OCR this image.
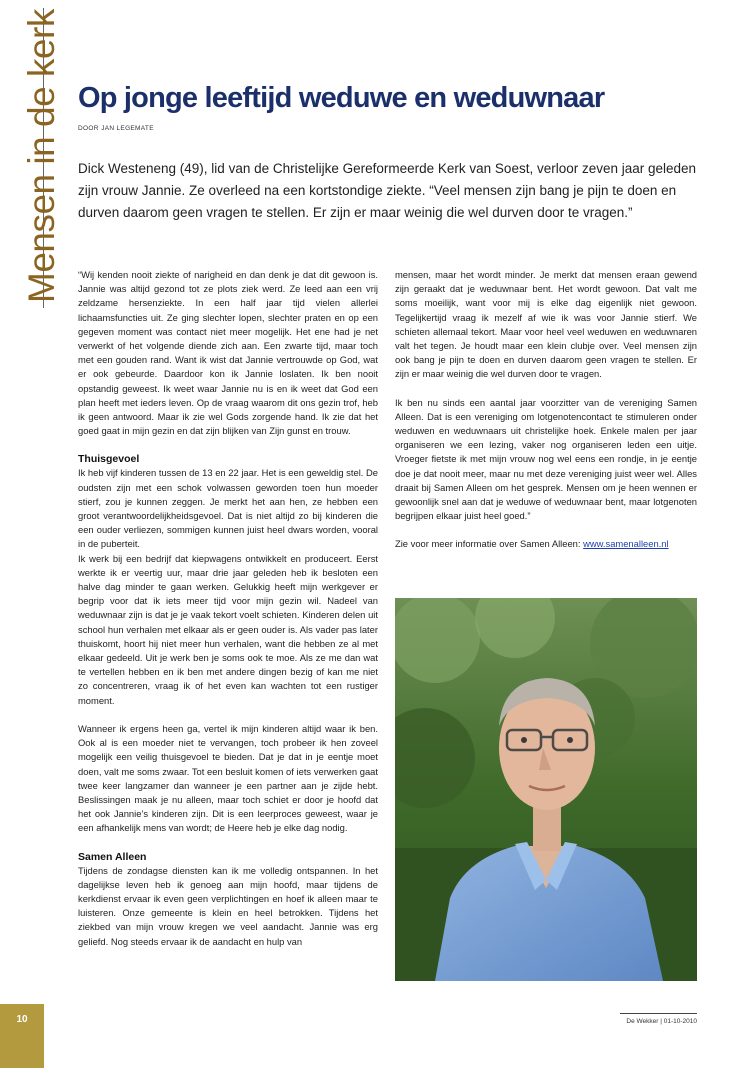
Mensen in de kerk Op jonge leeftijd weduwe en weduwnaar
DOOR JAN LEGEMATE

Dick Westeneng (49), lid van de Christelijke Gereformeerde Kerk van Soest, verloor zeven jaar geleden zijn vrouw Jannie. Ze overleed na een kortstondige ziekte. “Veel mensen zijn bang je pijn te doen en durven daarom geen vragen te stellen. Er zijn er maar weinig die wel durven door te vragen.”

“Wij kenden nooit ziekte of narigheid en dan denk je dat dit gewoon is. Jannie was altijd gezond tot ze plots ziek werd. Ze leed aan een vrij zeldzame hersenziekte. In een half jaar tijd vielen allerlei lichaamsfuncties uit. Ze ging slechter lopen, slechter praten en op een gegeven moment was contact niet meer mogelijk. Het ene had je net verwerkt of het volgende diende zich aan. Een zwarte tijd, maar toch met een gouden rand. Want ik wist dat Jannie vertrouwde op God, wat er ook gebeurde. Daardoor kon ik Jannie loslaten. Ik ben nooit opstandig geweest. Ik weet waar Jannie nu is en ik weet dat God een plan heeft met ieders leven. Op de vraag waarom dit ons gezin trof, heb ik geen antwoord. Maar ik zie wel Gods zorgende hand. Ik zie dat het goed gaat in mijn gezin en dat zijn blijken van Zijn gunst en trouw.

Thuisgevoel

Ik heb vijf kinderen tussen de 13 en 22 jaar. Het is een geweldig stel. De oudsten zijn met een schok volwassen geworden toen hun moeder stierf, zou je kunnen zeggen. Je merkt het aan hen, ze hebben een groot verantwoordelijkheidsgevoel. Dat is niet altijd zo bij kinderen die een ouder verliezen, sommigen kunnen juist heel dwars worden, vooral in de puberteit.

Ik werk bij een bedrijf dat kiepwagens ontwikkelt en produceert. Eerst werkte ik er veertig uur, maar drie jaar geleden heb ik besloten een halve dag minder te gaan werken. Gelukkig heeft mijn werkgever er begrip voor dat ik iets meer tijd voor mijn gezin wil. Nadeel van weduwnaar zijn is dat je je vaak tekort voelt schieten. Kinderen delen uit school hun verhalen met elkaar als er geen ouder is. Als vader pas later thuiskomt, hoort hij niet meer hun verhalen, want die hebben ze al met elkaar gedeeld. Uit je werk ben je soms ook te moe. Als ze me dan wat te vertellen hebben en ik ben met andere dingen bezig of kan me niet zo concentreren, vraag ik of het even kan wachten tot een rustiger moment.

Wanneer ik ergens heen ga, vertel ik mijn kinderen altijd waar ik ben. Ook al is een moeder niet te vervangen, toch probeer ik hen zoveel mogelijk een veilig thuisgevoel te bieden. Dat je dat in je eentje moet doen, valt me soms zwaar. Tot een besluit komen of iets verwerken gaat twee keer langzamer dan wanneer je een partner aan je zijde hebt. Beslissingen maak je nu alleen, maar toch schiet er door je hoofd dat het ook Jannie’s kinderen zijn. Dit is een leerproces geweest, waar je een afhankelijk mens van wordt; de Heere heb je elke dag nodig.

Samen Alleen

Tijdens de zondagse diensten kan ik me volledig ontspannen. In het dagelijkse leven heb ik genoeg aan mijn hoofd, maar tijdens de kerkdienst ervaar ik even geen verplichtingen en hoef ik alleen maar te luisteren. Onze gemeente is klein en heel betrokken. Tijdens het ziekbed van mijn vrouw kregen we veel aandacht. Jannie was erg geliefd. Nog steeds ervaar ik de aandacht en hulp van

mensen, maar het wordt minder. Je merkt dat mensen eraan gewend zijn geraakt dat je weduwnaar bent. Het wordt gewoon. Dat valt me soms moeilijk, want voor mij is elke dag eigenlijk niet gewoon. Tegelijkertijd vraag ik mezelf af wie ik was voor Jannie stierf. We schieten allemaal tekort. Maar voor heel veel weduwen en weduwnaren valt het tegen. Je houdt maar een klein clubje over. Veel mensen zijn ook bang je pijn te doen en durven daarom geen vragen te stellen. Er zijn er maar weinig die wel durven door te vragen.

Ik ben nu sinds een aantal jaar voorzitter van de vereniging Samen Alleen. Dat is een vereniging om lotgenotencontact te stimuleren onder weduwen en weduwnaars uit christelijke hoek. Enkele malen per jaar organiseren we een lezing, vaker nog organiseren leden een uitje. Vroeger fietste ik met mijn vrouw nog wel eens een rondje, in je eentje doe je dat nooit meer, maar nu met deze vereniging juist weer wel. Alles draait bij Samen Alleen om het gesprek. Mensen om je heen wennen er gewoonlijk snel aan dat je weduwe of weduwnaar bent, maar lotgenoten begrijpen elkaar juist heel goed.”

Zie voor meer informatie over Samen Alleen: www.samenalleen.nl

10	De Wekker | 01-10-2010
